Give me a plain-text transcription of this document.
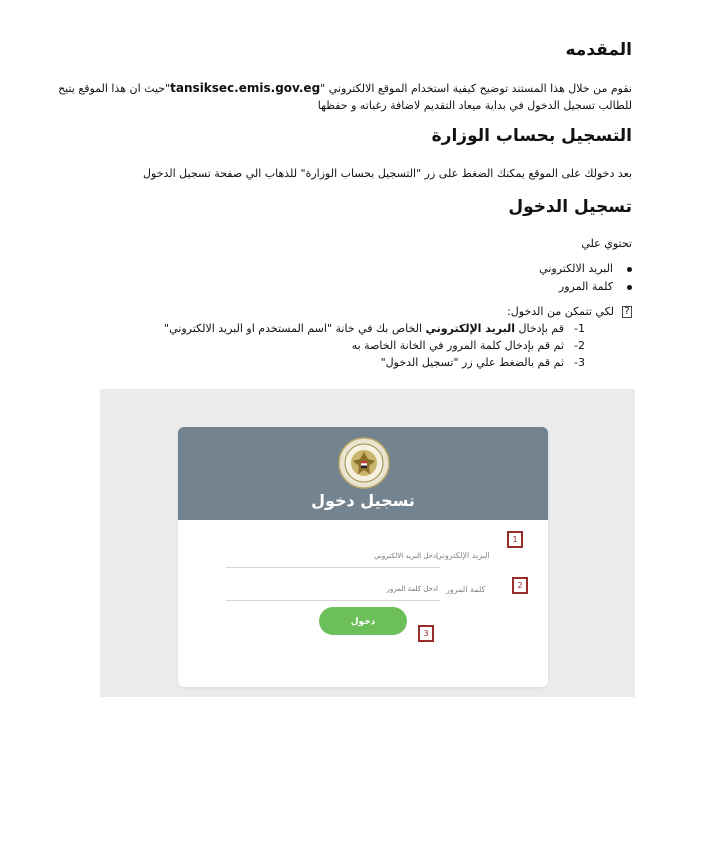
المقدمه
نقوم من خلال هذا المستند توضيح كيفية استخدام الموقع الالكتروني "tansiksec.emis.gov.eg"حيث ان هذا الموقع يتيح
للطالب تسجيل الدخول في بداية ميعاد التقديم لاضافة رغباته و حفظها
التسجيل بحساب الوزارة
بعد دخولك على الموقع يمكنك الضغط على زر "التسجيل بحساب الوزارة" للذهاب الي صفحة تسجيل الدخول
تسجيل الدخول
تحتوي علي
البريد الالكتروني
كلمة المرور
?لكي تتمكن من الدخول:
1-قم بإدخال البريد الإلكتروني الخاص بك في خانة "اسم المستخدم او البريد الالكتروني"
2-ثم قم بإدخال كلمة المرور في الخانة الخاصة به
3-ثم قم بالضغط علي زر "تسجيل الدخول"
تسجيل دخول
البريد الإلكتروني
ادخل البريد الالكتروني
كلمة المرور
دخول
1
2
3
